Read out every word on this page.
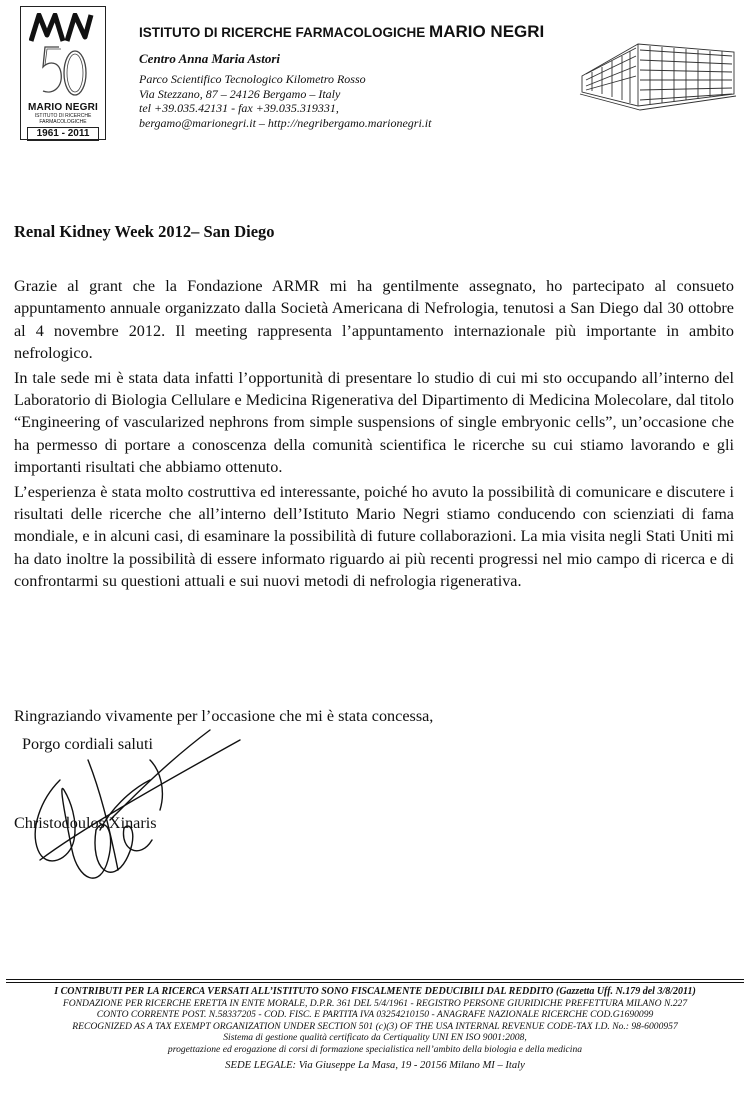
MARIO NEGRI
ISTITUTO DI RICERCHE
FARMACOLOGICHE
1961 - 2011
ISTITUTO DI RICERCHE FARMACOLOGICHE MARIO NEGRI
Centro Anna Maria Astori
Parco Scientifico Tecnologico Kilometro Rosso
Via Stezzano, 87 – 24126 Bergamo – Italy
tel +39.035.42131 - fax +39.035.319331,
bergamo@marionegri.it – http://negribergamo.marionegri.it
Renal Kidney Week 2012– San Diego

Grazie al grant che la Fondazione ARMR mi ha gentilmente assegnato, ho partecipato al consueto appuntamento annuale organizzato dalla Società Americana di Nefrologia, tenutosi a San Diego dal 30 ottobre al 4 novembre 2012. Il meeting rappresenta l’appuntamento internazionale più importante in ambito nefrologico.

In tale sede mi è stata data infatti l’opportunità di presentare lo studio di cui mi sto occupando all’interno del Laboratorio di Biologia Cellulare e Medicina Rigenerativa del Dipartimento di Medicina Molecolare, dal titolo “Engineering of vascularized nephrons from simple suspensions of single embryonic cells”, un’occasione che ha permesso di portare a conoscenza della comunità scientifica le ricerche su cui stiamo lavorando e gli importanti risultati che abbiamo ottenuto.

L’esperienza è stata molto costruttiva ed interessante, poiché ho avuto la possibilità di comunicare e discutere i risultati delle ricerche che all’interno dell’Istituto Mario Negri stiamo conducendo con scienziati di fama mondiale, e in alcuni casi, di esaminare la possibilità di future collaborazioni. La mia visita negli Stati Uniti mi ha dato inoltre la possibilità di essere informato riguardo ai più recenti progressi nel mio campo di ricerca e di confrontarmi su questioni attuali e sui nuovi metodi di nefrologia rigenerativa.

Ringraziando vivamente per l’occasione che mi è stata concessa,
Porgo cordiali saluti
Christodoulos Xinaris
I CONTRIBUTI PER LA RICERCA VERSATI ALL’ISTITUTO SONO FISCALMENTE DEDUCIBILI DAL REDDITO (Gazzetta Uff. N.179 del 3/8/2011)
FONDAZIONE PER RICERCHE ERETTA IN ENTE MORALE, D.P.R. 361 DEL 5/4/1961 - REGISTRO PERSONE GIURIDICHE PREFETTURA MILANO N.227
CONTO CORRENTE POST. N.58337205 - COD. FISC. E PARTITA IVA 03254210150 - ANAGRAFE NAZIONALE RICERCHE COD.G1690099
RECOGNIZED AS A TAX EXEMPT ORGANIZATION UNDER SECTION 501 (c)(3) OF THE USA INTERNAL REVENUE CODE-TAX I.D. No.: 98-6000957
Sistema di gestione qualità certificato da Certiquality UNI EN ISO 9001:2008,
progettazione ed erogazione di corsi di formazione specialistica nell’ambito della biologia e della medicina
SEDE LEGALE: Via Giuseppe La Masa, 19 - 20156 Milano MI – Italy
